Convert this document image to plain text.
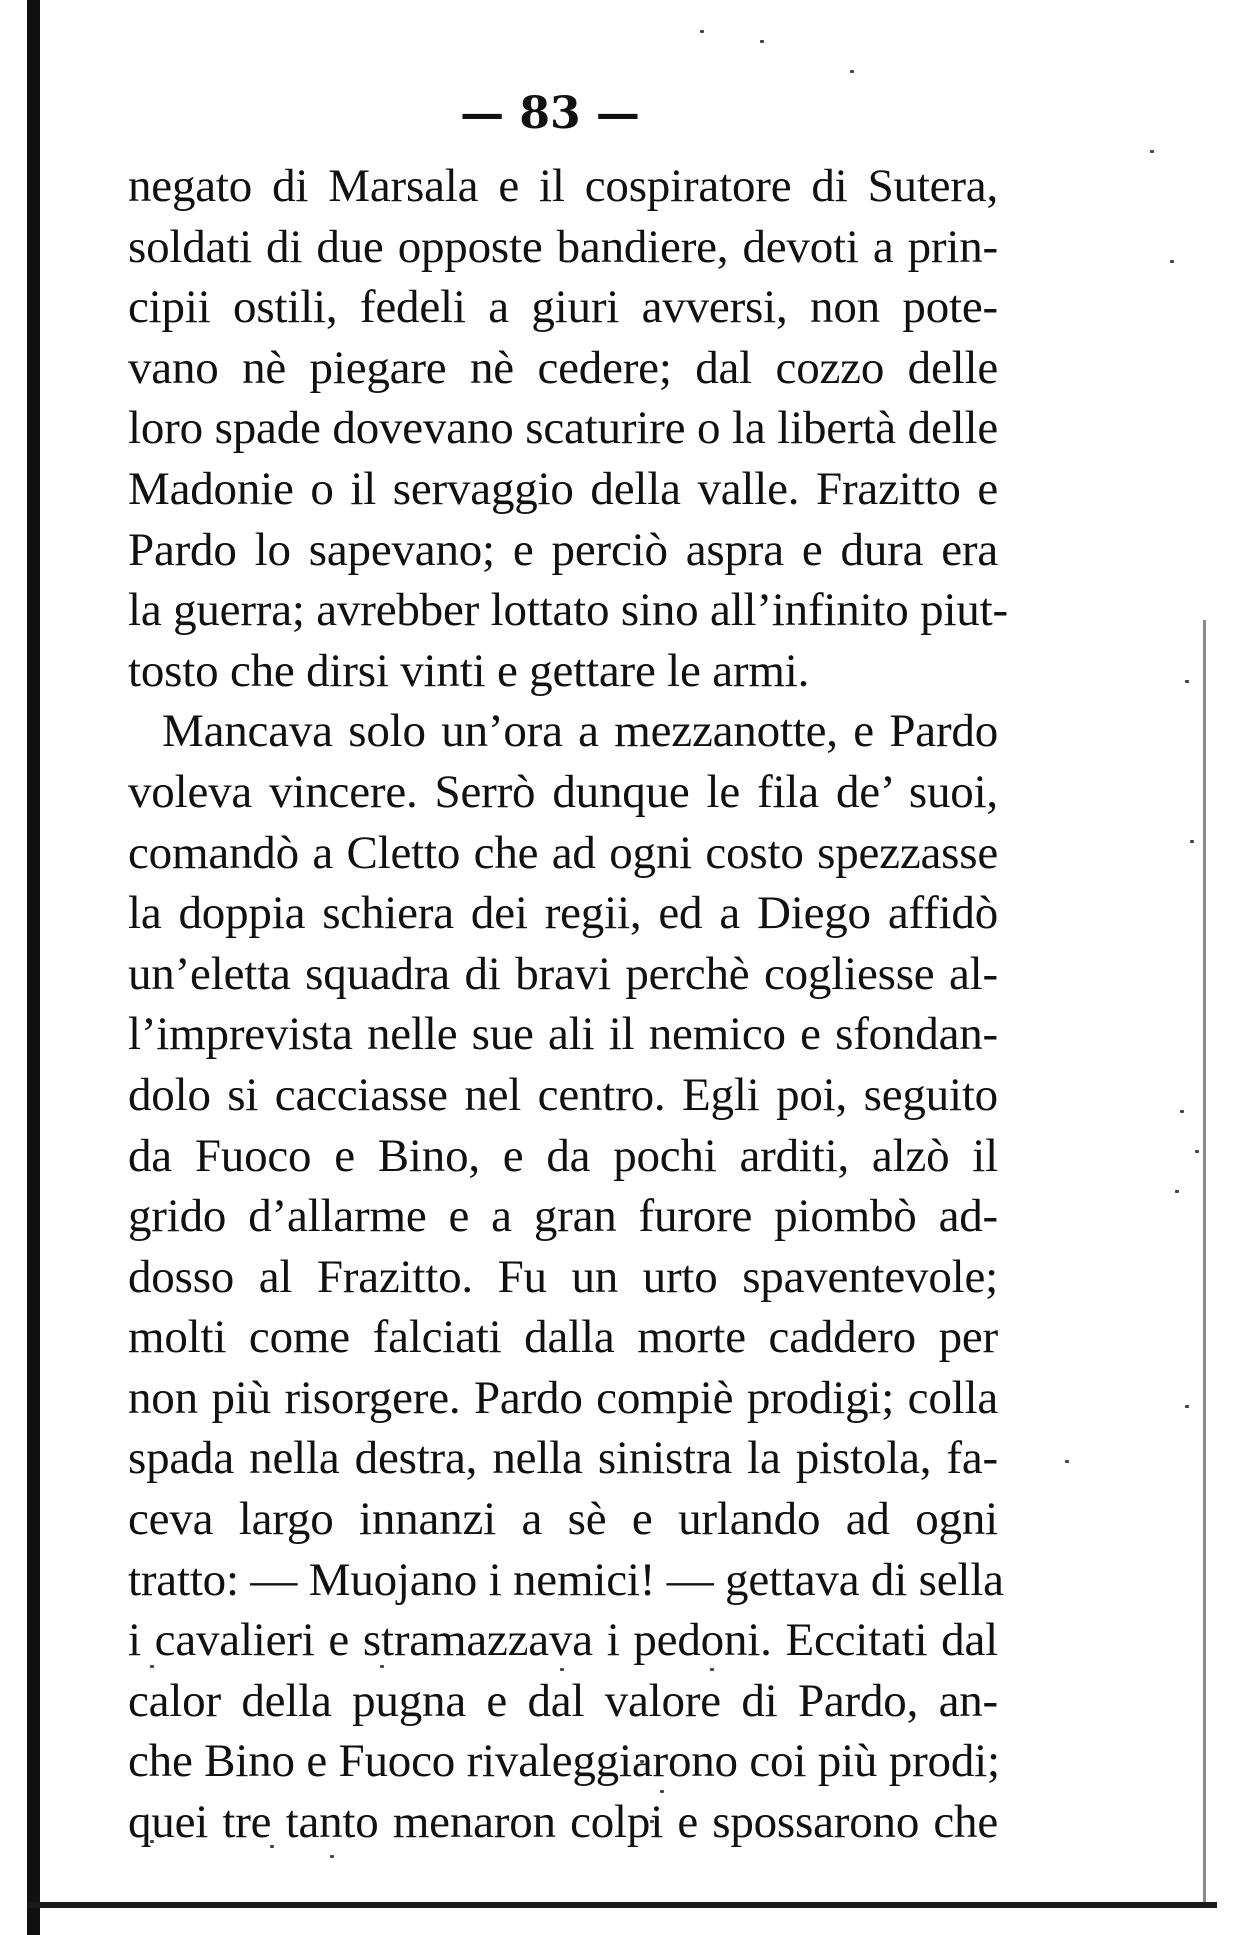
— 83 —
negato di Marsala e il cospiratore di Sutera,
soldati di due opposte bandiere, devoti a prin-
cipii ostili, fedeli a giuri avversi, non pote-
vano nè piegare nè cedere; dal cozzo delle
loro spade dovevano scaturire o la libertà delle
Madonie o il servaggio della valle. Frazitto e
Pardo lo sapevano; e perciò aspra e dura era
la guerra; avrebber lottato sino all’infinito piut-
tosto che dirsi vinti e gettare le armi.
Mancava solo un’ora a mezzanotte, e Pardo
voleva vincere. Serrò dunque le fila de’ suoi,
comandò a Cletto che ad ogni costo spezzasse
la doppia schiera dei regii, ed a Diego affidò
un’eletta squadra di bravi perchè cogliesse al-
l’imprevista nelle sue ali il nemico e sfondan-
dolo si cacciasse nel centro. Egli poi, seguito
da Fuoco e Bino, e da pochi arditi, alzò il
grido d’allarme e a gran furore piombò ad-
dosso al Frazitto. Fu un urto spaventevole;
molti come falciati dalla morte caddero per
non più risorgere. Pardo compiè prodigi; colla
spada nella destra, nella sinistra la pistola, fa-
ceva largo innanzi a sè e urlando ad ogni
tratto: — Muojano i nemici! — gettava di sella
i cavalieri e stramazzava i pedoni. Eccitati dal
calor della pugna e dal valore di Pardo, an-
che Bino e Fuoco rivaleggiarono coi più prodi;
quei tre tanto menaron colpi e spossarono che
